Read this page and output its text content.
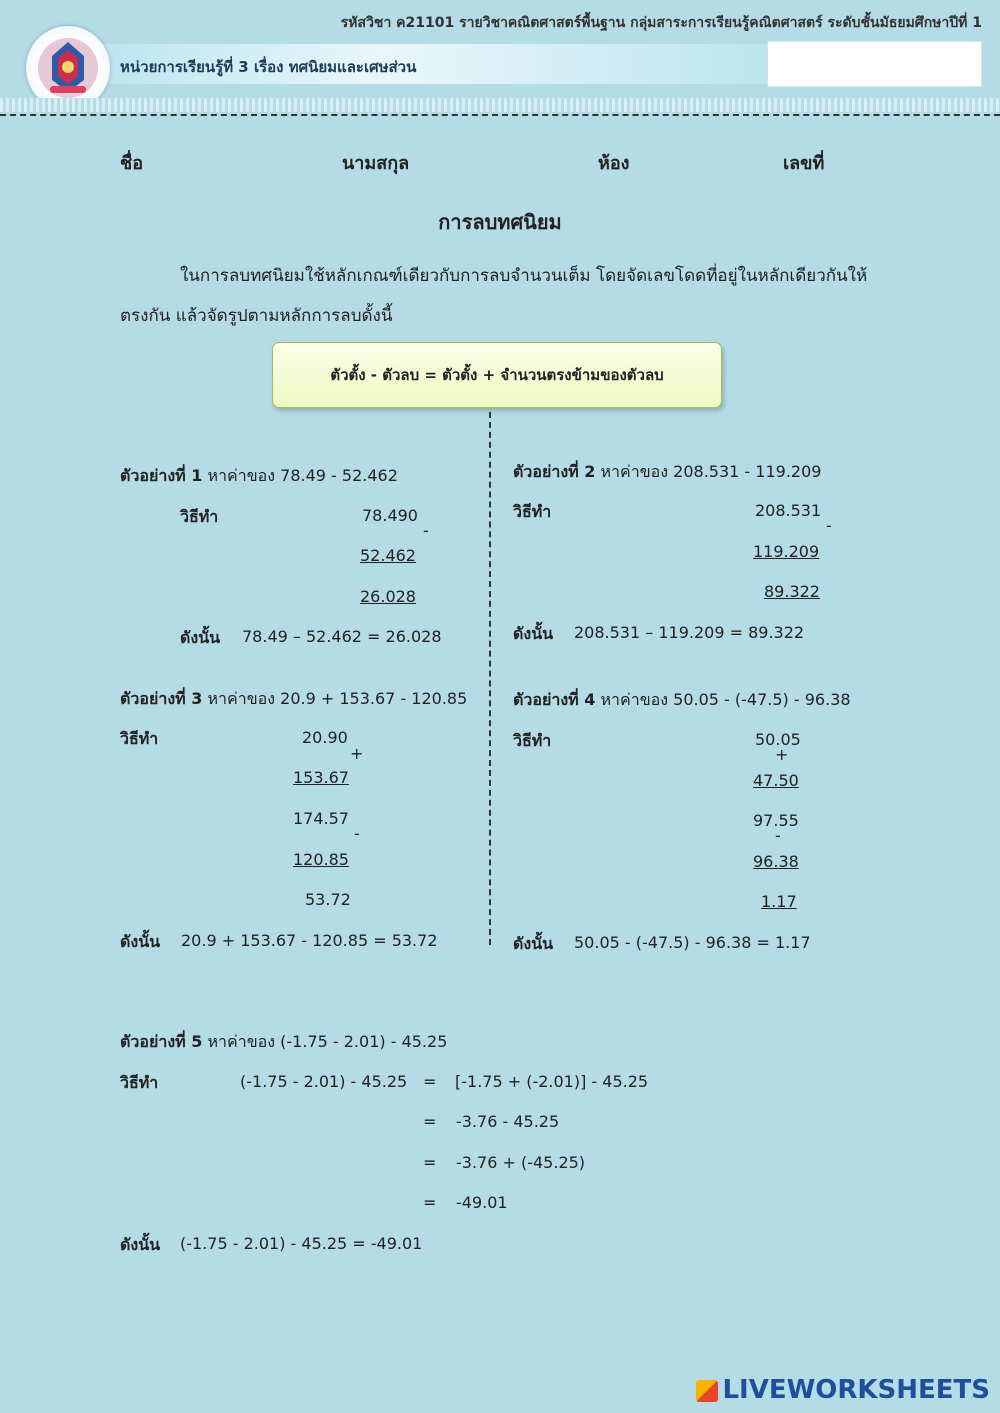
รหัสวิชา ค21101 รายวิชาคณิตศาสตร์พื้นฐาน กลุ่มสาระการเรียนรู้คณิตศาสตร์ ระดับชั้นมัธยมศึกษาปีที่ 1
หน่วยการเรียนรู้ที่ 3 เรื่อง ทศนิยมและเศษส่วน
ชื่อ	นามสกุล	ห้อง	เลขที่
การลบทศนิยม
ในการลบทศนิยมใช้หลักเกณฑ์เดียวกับการลบจำนวนเต็ม โดยจัดเลขโดดที่อยู่ในหลักเดียวกันให้
ตรงกัน แล้วจัดรูปตามหลักการลบดั้งนี้
ตัวตั้ง - ตัวลบ = ตัวตั้ง + จำนวนตรงข้ามของตัวลบ
ตัวอย่างที่ 1 หาค่าของ 78.49 - 52.462
วิธีทำ	78.490
-
52.462
26.028
ดังนั้น 78.49 – 52.462 = 26.028
ตัวอย่างที่ 2 หาค่าของ 208.531 - 119.209
วิธีทำ	208.531
-
119.209
89.322
ดังนั้น 208.531 – 119.209 = 89.322
ตัวอย่างที่ 3 หาค่าของ 20.9 + 153.67 - 120.85
วิธีทำ	20.90
+
153.67
174.57
-
120.85
53.72
ดังนั้น 20.9 + 153.67 - 120.85 = 53.72
ตัวอย่างที่ 4 หาค่าของ 50.05 - (-47.5) - 96.38
วิธีทำ	50.05
+
47.50
97.55
-
96.38
1.17
ดังนั้น 50.05 - (-47.5) - 96.38 = 1.17
ตัวอย่างที่ 5 หาค่าของ (-1.75 - 2.01) - 45.25
วิธีทำ	(-1.75 - 2.01) - 45.25 = [-1.75 + (-2.01)] - 45.25
= -3.76 - 45.25
= -3.76 + (-45.25)
= -49.01
ดังนั้น (-1.75 - 2.01) - 45.25 = -49.01
LIVEWORKSHEETS
